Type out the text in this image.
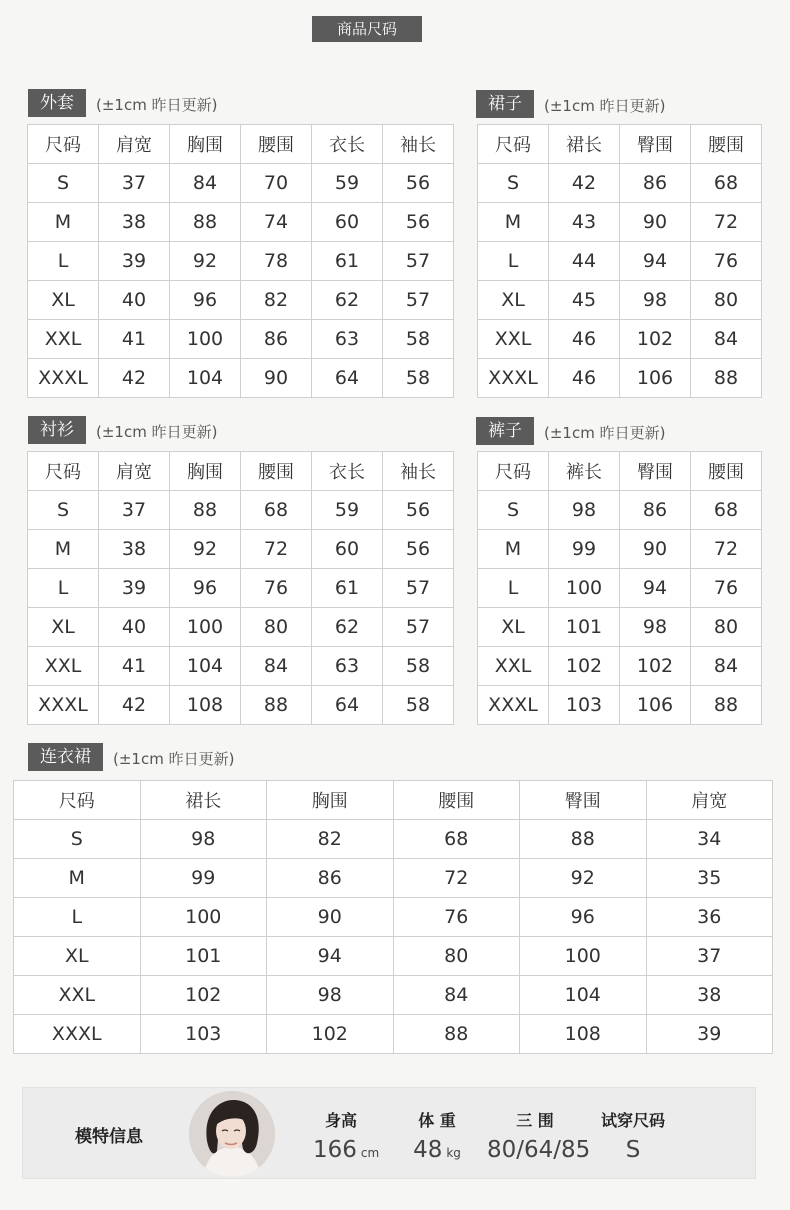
商品尺码
外套 (±1cm 昨日更新)
尺码	肩宽	胸围	腰围	衣长	袖长
S	37	84	70	59	56
M	38	88	74	60	56
L	39	92	78	61	57
XL	40	96	82	62	57
XXL	41	100	86	63	58
XXXL	42	104	90	64	58
裙子 (±1cm 昨日更新)
尺码	裙长	臀围	腰围
S	42	86	68
M	43	90	72
L	44	94	76
XL	45	98	80
XXL	46	102	84
XXXL	46	106	88
衬衫 (±1cm 昨日更新)
尺码	肩宽	胸围	腰围	衣长	袖长
S	37	88	68	59	56
M	38	92	72	60	56
L	39	96	76	61	57
XL	40	100	80	62	57
XXL	41	104	84	63	58
XXXL	42	108	88	64	58
裤子 (±1cm 昨日更新)
尺码	裤长	臀围	腰围
S	98	86	68
M	99	90	72
L	100	94	76
XL	101	98	80
XXL	102	102	84
XXXL	103	106	88
连衣裙 (±1cm 昨日更新)
尺码	裙长	胸围	腰围	臀围	肩宽
S	98	82	68	88	34
M	99	86	72	92	35
L	100	90	76	96	36
XL	101	94	80	100	37
XXL	102	98	84	104	38
XXXL	103	102	88	108	39
模特信息
身高
166 cm
体 重
48 kg
三 围
80/64/85
试穿尺码
S
